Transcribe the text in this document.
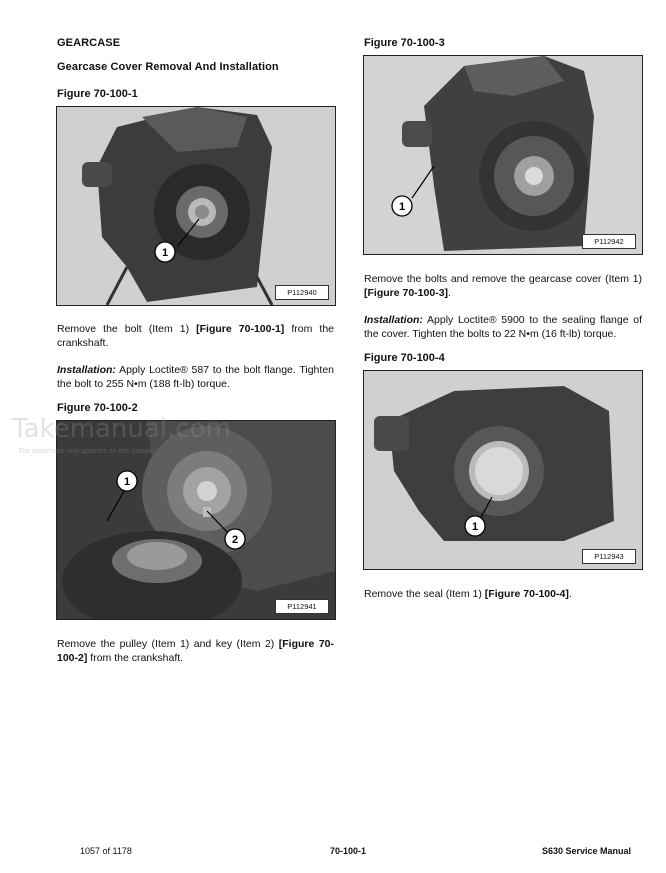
GEARCASE
Gearcase Cover Removal And Installation
Figure 70-100-1
1
P112940
Remove the bolt (Item 1) [Figure 70-100-1] from the crankshaft.
Installation: Apply Loctite® 587 to the bolt flange. Tighten the bolt to 255 N•m (188 ft-lb) torque.
Figure 70-100-2
1
2
P112941
Remove the pulley (Item 1) and key (Item 2) [Figure 70-100-2] from the crankshaft.
Takemanual.com
The watermark only appears on this sample
Figure 70-100-3
1
P112942
Remove the bolts and remove the gearcase cover (Item 1) [Figure 70-100-3].
Installation: Apply Loctite® 5900 to the sealing flange of the cover. Tighten the bolts to 22 N•m (16 ft-lb) torque.
Figure 70-100-4
1
P112943
Remove the seal (Item 1) [Figure 70-100-4].
1057 of 1178	70-100-1	S630 Service Manual
